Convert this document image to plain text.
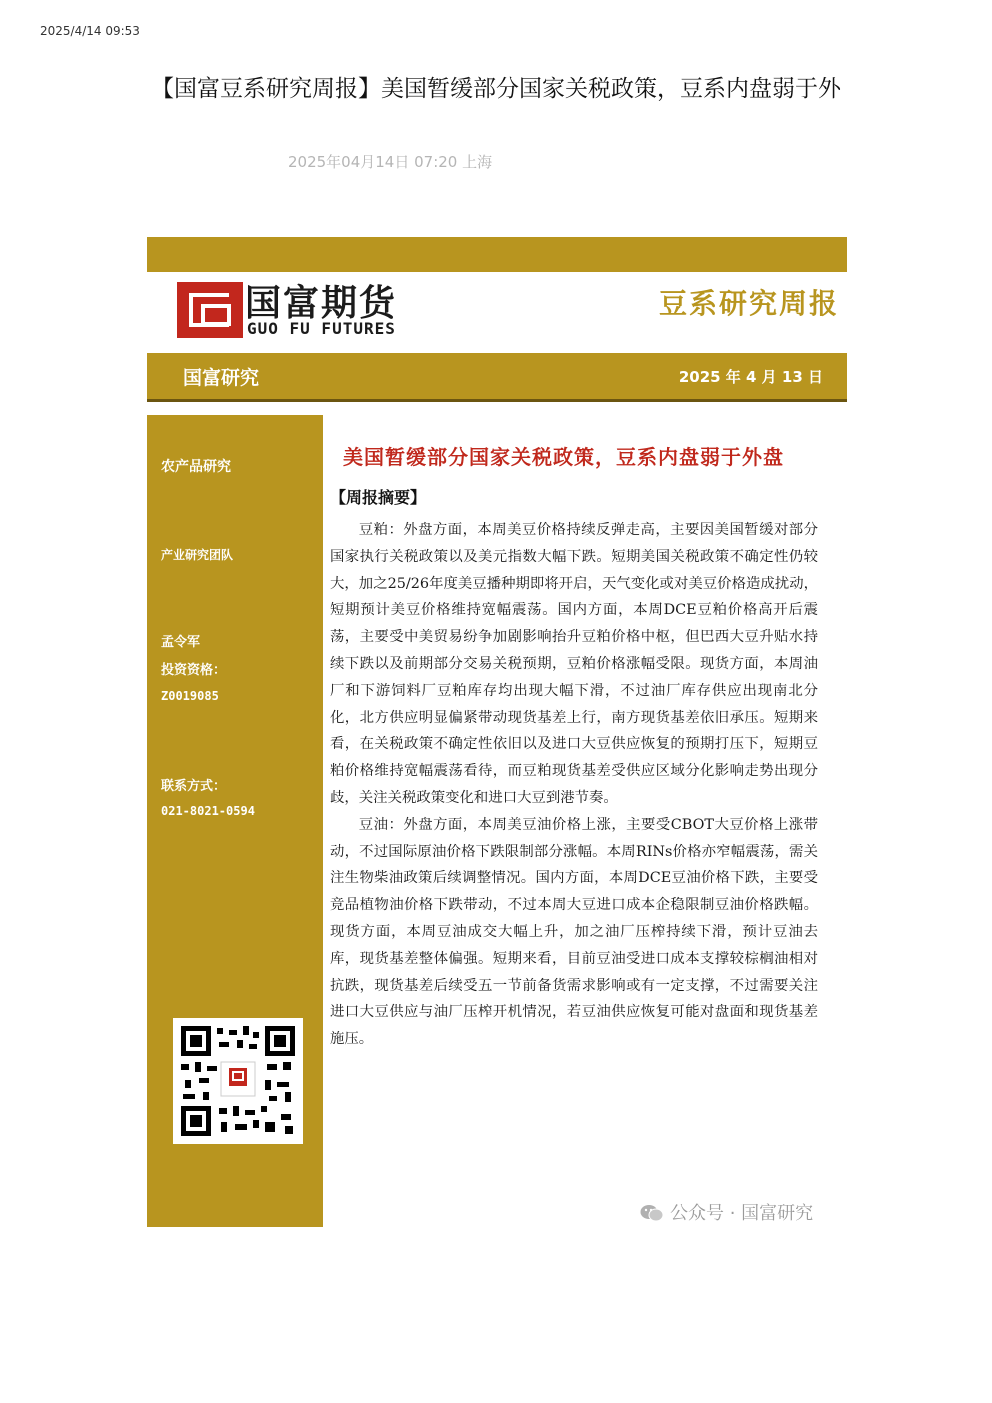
2025/4/14 09:53
【国富豆系研究周报】美国暂缓部分国家关税政策，豆系内盘弱于外
2025年04月14日 07:20 上海
国富期货
GUO FU FUTURES
豆系研究周报
国富研究	2025 年 4 月 13 日
农产品研究
产业研究团队
孟令军
投资资格：
Z0019085
联系方式：
021-8021-0594
美国暂缓部分国家关税政策，豆系内盘弱于外盘
【周报摘要】

豆粕：外盘方面，本周美豆价格持续反弹走高，主要因美国暂缓对部分国家执行关税政策以及美元指数大幅下跌。短期美国关税政策不确定性仍较大，加之25/26年度美豆播种期即将开启，天气变化或对美豆价格造成扰动，短期预计美豆价格维持宽幅震荡。国内方面，本周DCE豆粕价格高开后震荡，主要受中美贸易纷争加剧影响抬升豆粕价格中枢，但巴西大豆升贴水持续下跌以及前期部分交易关税预期，豆粕价格涨幅受限。现货方面，本周油厂和下游饲料厂豆粕库存均出现大幅下滑，不过油厂库存供应出现南北分化，北方供应明显偏紧带动现货基差上行，南方现货基差依旧承压。短期来看，在关税政策不确定性依旧以及进口大豆供应恢复的预期打压下，短期豆粕价格维持宽幅震荡看待，而豆粕现货基差受供应区域分化影响走势出现分歧，关注关税政策变化和进口大豆到港节奏。

豆油：外盘方面，本周美豆油价格上涨，主要受CBOT大豆价格上涨带动，不过国际原油价格下跌限制部分涨幅。本周RINs价格亦窄幅震荡，需关注生物柴油政策后续调整情况。国内方面，本周DCE豆油价格下跌，主要受竞品植物油价格下跌带动，不过本周大豆进口成本企稳限制豆油价格跌幅。现货方面，本周豆油成交大幅上升，加之油厂压榨持续下滑，预计豆油去库，现货基差整体偏强。短期来看，目前豆油受进口成本支撑较棕榈油相对抗跌，现货基差后续受五一节前备货需求影响或有一定支撑，不过需要关注进口大豆供应与油厂压榨开机情况，若豆油供应恢复可能对盘面和现货基差施压。

公众号 · 国富研究
